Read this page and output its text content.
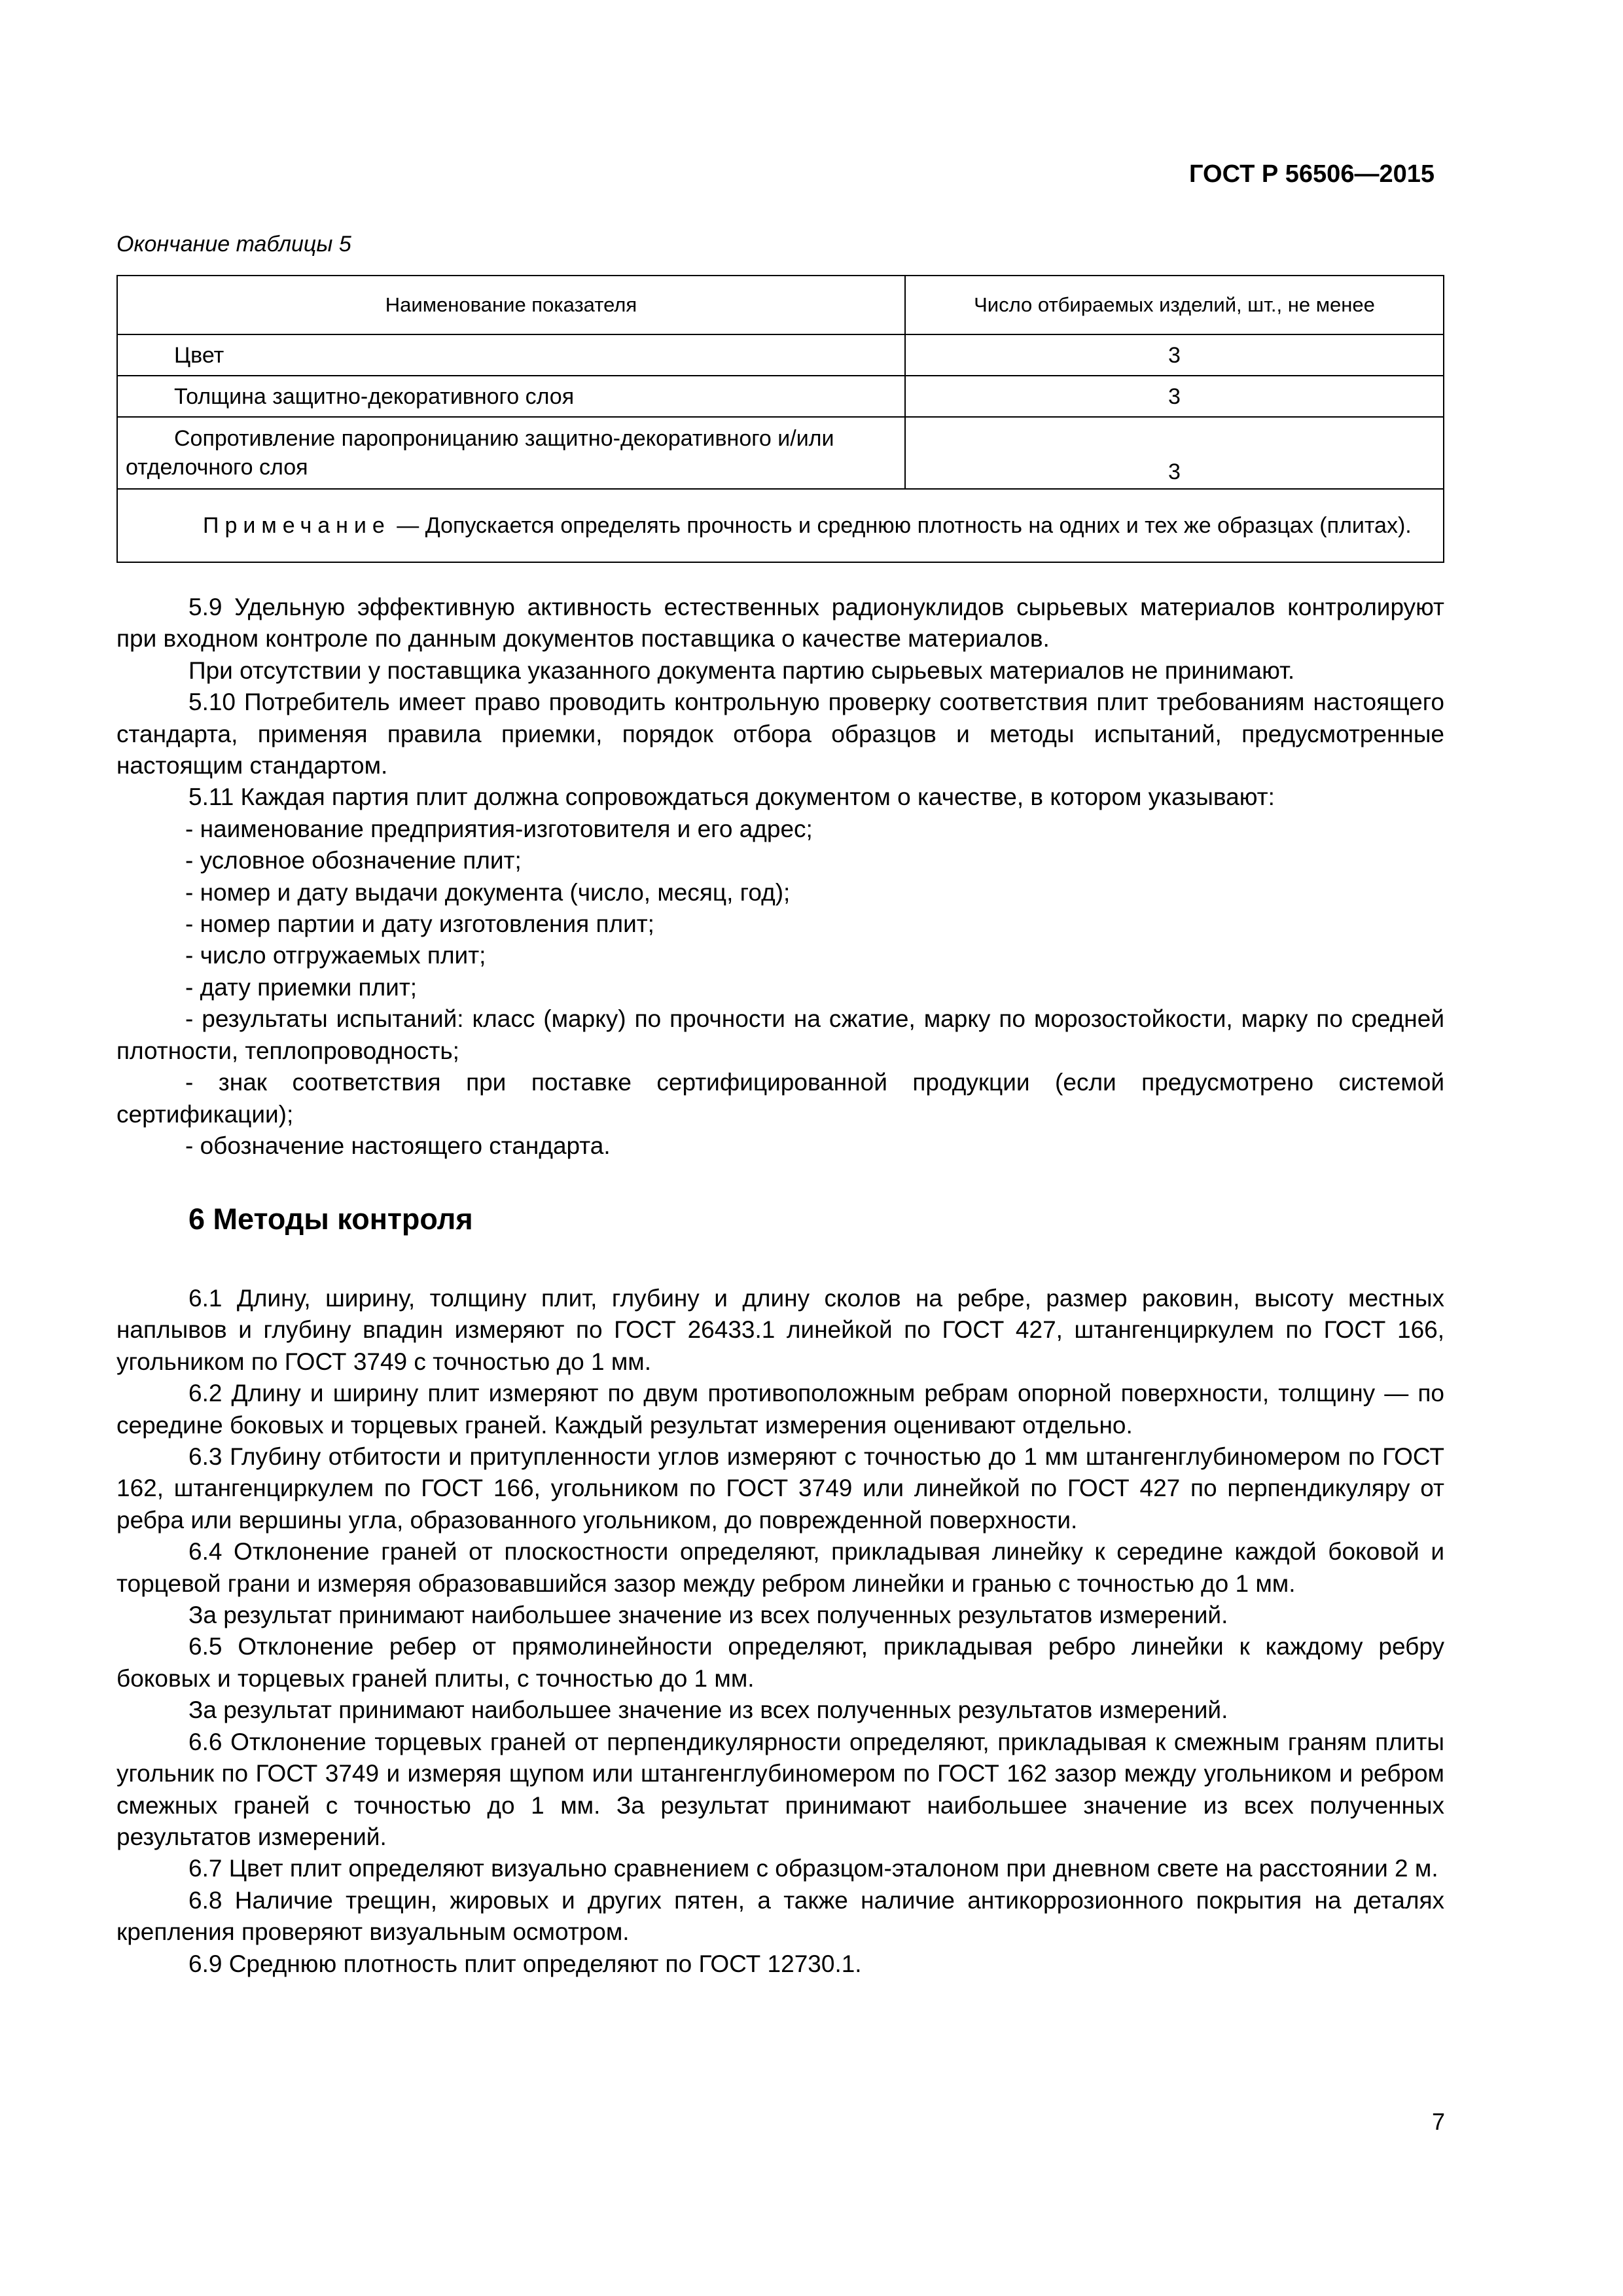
ГОСТ Р 56506—2015
Окончание таблицы 5
Наименование показателя	Число отбираемых изделий, шт., не менее
Цвет	3
Толщина защитно-декоративного слоя	3
Сопротивление паропроницанию защитно-декоративного и/или отделочного слоя	3
Примечание — Допускается определять прочность и среднюю плотность на одних и тех же образцах (плитах).	

5.9 Удельную эффективную активность естественных радионуклидов сырьевых материалов контролируют при входном контроле по данным документов поставщика о качестве материалов.

При отсутствии у поставщика указанного документа партию сырьевых материалов не принимают.

5.10 Потребитель имеет право проводить контрольную проверку соответствия плит требованиям настоящего стандарта, применяя правила приемки, порядок отбора образцов и методы испытаний, предусмотренные настоящим стандартом.

5.11 Каждая партия плит должна сопровождаться документом о качестве, в котором указывают:

- наименование предприятия-изготовителя и его адрес;

- условное обозначение плит;

- номер и дату выдачи документа (число, месяц, год);

- номер партии и дату изготовления плит;

- число отгружаемых плит;

- дату приемки плит;

- результаты испытаний: класс (марку) по прочности на сжатие, марку по морозостойкости, марку по средней плотности, теплопроводность;

- знак соответствия при поставке сертифицированной продукции (если предусмотрено системой сертификации);

- обозначение настоящего стандарта.

6 Методы контроля

6.1 Длину, ширину, толщину плит, глубину и длину сколов на ребре, размер раковин, высоту местных наплывов и глубину впадин измеряют по ГОСТ 26433.1 линейкой по ГОСТ 427, штангенциркулем по ГОСТ 166, угольником по ГОСТ 3749 с точностью до 1 мм.

6.2 Длину и ширину плит измеряют по двум противоположным ребрам опорной поверхности, толщину — по середине боковых и торцевых граней. Каждый результат измерения оценивают отдельно.

6.3 Глубину отбитости и притупленности углов измеряют с точностью до 1 мм штангенглубиномером по ГОСТ 162, штангенциркулем по ГОСТ 166, угольником по ГОСТ 3749 или линейкой по ГОСТ 427 по перпендикуляру от ребра или вершины угла, образованного угольником, до поврежденной поверхности.

6.4 Отклонение граней от плоскостности определяют, прикладывая линейку к середине каждой боковой и торцевой грани и измеряя образовавшийся зазор между ребром линейки и гранью с точностью до 1 мм.

За результат принимают наибольшее значение из всех полученных результатов измерений.

6.5 Отклонение ребер от прямолинейности определяют, прикладывая ребро линейки к каждому ребру боковых и торцевых граней плиты, с точностью до 1 мм.

За результат принимают наибольшее значение из всех полученных результатов измерений.

6.6 Отклонение торцевых граней от перпендикулярности определяют, прикладывая к смежным граням плиты угольник по ГОСТ 3749 и измеряя щупом или штангенглубиномером по ГОСТ 162 зазор между угольником и ребром смежных граней с точностью до 1 мм. За результат принимают наибольшее значение из всех полученных результатов измерений.

6.7 Цвет плит определяют визуально сравнением с образцом-эталоном при дневном свете на расстоянии 2 м.

6.8 Наличие трещин, жировых и других пятен, а также наличие антикоррозионного покрытия на деталях крепления проверяют визуальным осмотром.

6.9 Среднюю плотность плит определяют по ГОСТ 12730.1.

7
